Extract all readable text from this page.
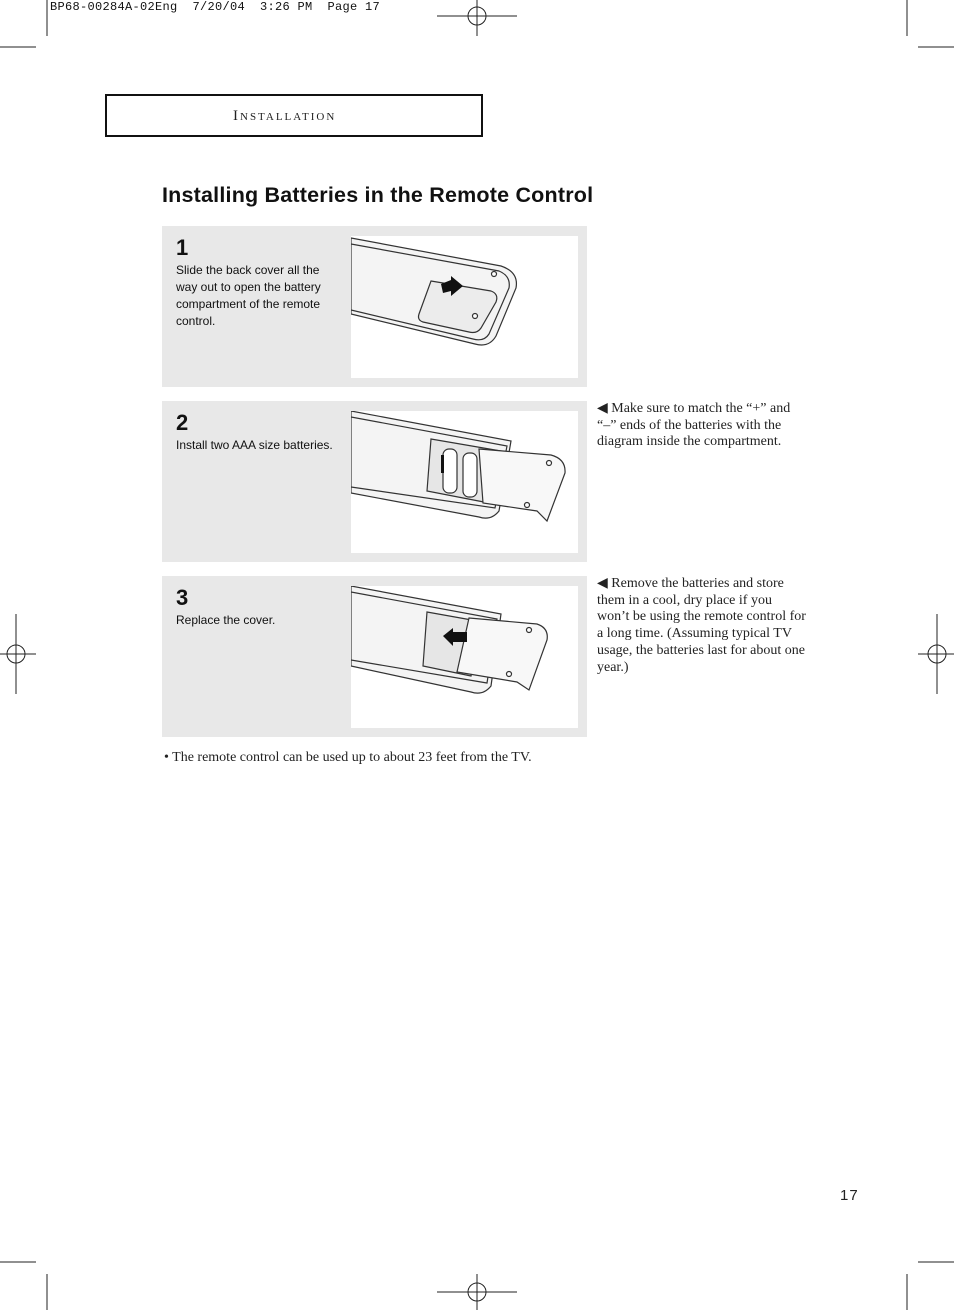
BP68-00284A-02Eng  7/20/04  3:26 PM  Page 17
Installation
Installing Batteries in the Remote Control
1
Slide the back cover all the way out to open the battery compartment of the remote control.
2
Install two AAA size batteries.
3
Replace the cover.
◀ Make sure to match the “+” and “–” ends of the batteries with the diagram inside the compartment.
◀ Remove the batteries and store them in a cool, dry place if you won’t be using the remote control for a long time. (Assuming typical TV usage, the batteries last for about one year.)
• The remote control can be used up to about 23 feet from the TV.
17
